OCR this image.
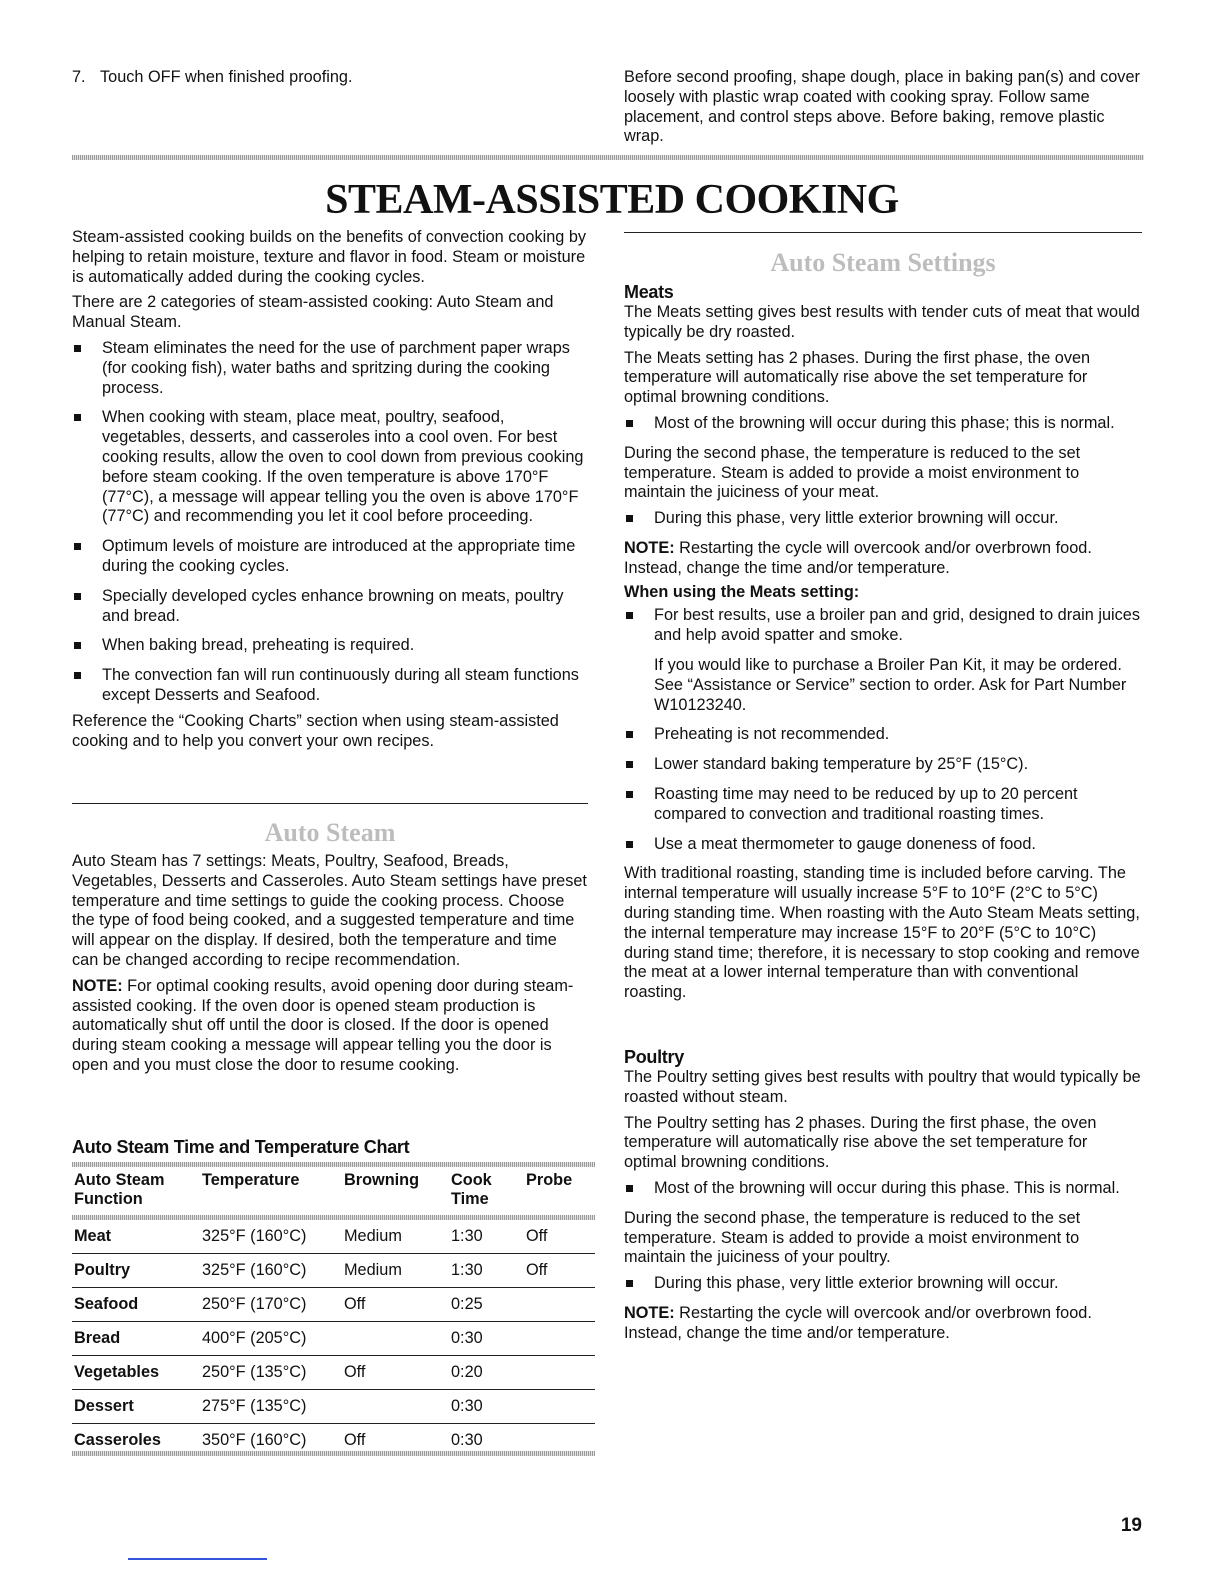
7. Touch OFF when finished proofing.	Before second proofing, shape dough, place in baking pan(s) and cover loosely with plastic wrap coated with cooking spray. Follow same placement, and control steps above. Before baking, remove plastic wrap.

STEAM-ASSISTED COOKING

Steam-assisted cooking builds on the benefits of convection cooking by helping to retain moisture, texture and flavor in food. Steam or moisture is automatically added during the cooking cycles.

There are 2 categories of steam-assisted cooking: Auto Steam and Manual Steam.

Steam eliminates the need for the use of parchment paper wraps (for cooking fish), water baths and spritzing during the cooking process.

When cooking with steam, place meat, poultry, seafood, vegetables, desserts, and casseroles into a cool oven. For best cooking results, allow the oven to cool down from previous cooking before steam cooking. If the oven temperature is above 170°F (77°C), a message will appear telling you the oven is above 170°F (77°C) and recommending you let it cool before proceeding.

Optimum levels of moisture are introduced at the appropriate time during the cooking cycles.

Specially developed cycles enhance browning on meats, poultry and bread.

When baking bread, preheating is required.

The convection fan will run continuously during all steam functions except Desserts and Seafood.

Reference the “Cooking Charts” section when using steam-assisted cooking and to help you convert your own recipes.

Auto Steam

Auto Steam has 7 settings: Meats, Poultry, Seafood, Breads, Vegetables, Desserts and Casseroles. Auto Steam settings have preset temperature and time settings to guide the cooking process. Choose the type of food being cooked, and a suggested temperature and time will appear on the display. If desired, both the temperature and time can be changed according to recipe recommendation.

NOTE: For optimal cooking results, avoid opening door during steam-assisted cooking. If the oven door is opened steam production is automatically shut off until the door is closed. If the door is opened during steam cooking a message will appear telling you the door is open and you must close the door to resume cooking.

Auto Steam Time and Temperature Chart
Auto Steam Function	Temperature	Browning	Cook Time	Probe

Meat	325°F (160°C)	Medium	1:30	Off
Poultry	325°F (160°C)	Medium	1:30	Off
Seafood	250°F (170°C)	Off	0:25	
Bread	400°F (205°C)		0:30	
Vegetables	250°F (135°C)	Off	0:20	
Dessert	275°F (135°C)		0:30	
Casseroles	350°F (160°C)	Off	0:30	
Auto Steam Settings
Meats

The Meats setting gives best results with tender cuts of meat that would typically be dry roasted.

The Meats setting has 2 phases. During the first phase, the oven temperature will automatically rise above the set temperature for optimal browning conditions.

Most of the browning will occur during this phase; this is normal.

During the second phase, the temperature is reduced to the set temperature. Steam is added to provide a moist environment to maintain the juiciness of your meat.

During this phase, very little exterior browning will occur.

NOTE: Restarting the cycle will overcook and/or overbrown food. Instead, change the time and/or temperature.

When using the Meats setting:

For best results, use a broiler pan and grid, designed to drain juices and help avoid spatter and smoke.

If you would like to purchase a Broiler Pan Kit, it may be ordered. See “Assistance or Service” section to order. Ask for Part Number W10123240.

Preheating is not recommended.

Lower standard baking temperature by 25°F (15°C).

Roasting time may need to be reduced by up to 20 percent compared to convection and traditional roasting times.

Use a meat thermometer to gauge doneness of food.

With traditional roasting, standing time is included before carving. The internal temperature will usually increase 5°F to 10°F (2°C to 5°C) during standing time. When roasting with the Auto Steam Meats setting, the internal temperature may increase 15°F to 20°F (5°C to 10°C) during stand time; therefore, it is necessary to stop cooking and remove the meat at a lower internal temperature than with conventional roasting.

Poultry

The Poultry setting gives best results with poultry that would typically be roasted without steam.

The Poultry setting has 2 phases. During the first phase, the oven temperature will automatically rise above the set temperature for optimal browning conditions.

Most of the browning will occur during this phase. This is normal.

During the second phase, the temperature is reduced to the set temperature. Steam is added to provide a moist environment to maintain the juiciness of your poultry.

During this phase, very little exterior browning will occur.

NOTE: Restarting the cycle will overcook and/or overbrown food. Instead, change the time and/or temperature.

19
